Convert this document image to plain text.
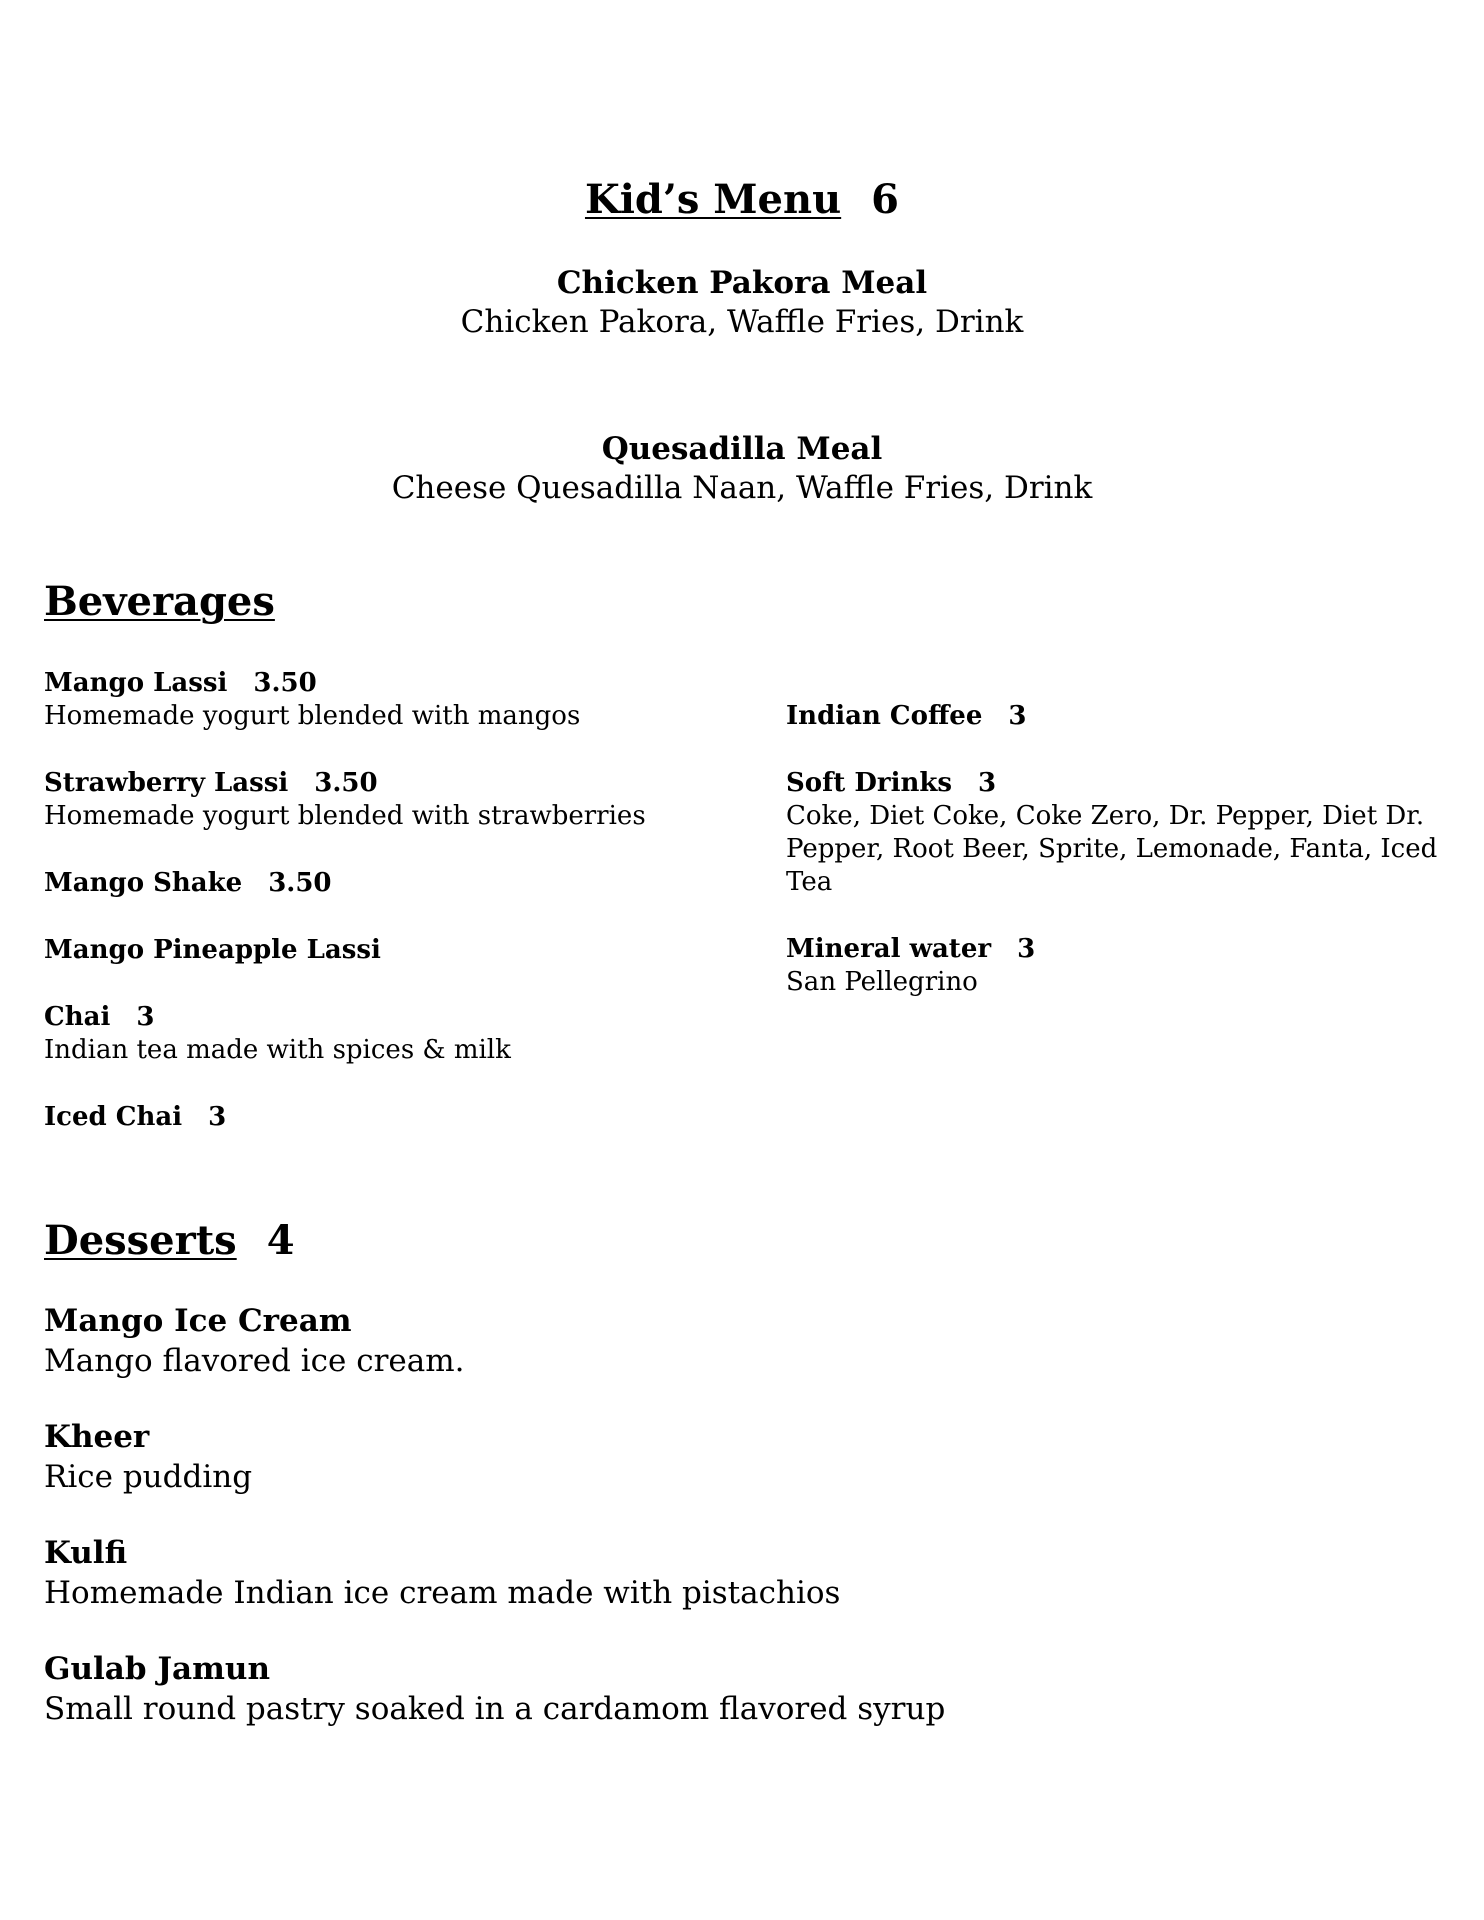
Kid’s Menu 6
Chicken Pakora Meal
Chicken Pakora, Waffle Fries, Drink
Quesadilla Meal
Cheese Quesadilla Naan, Waffle Fries, Drink
Beverages
Mango Lassi 3.50
Homemade yogurt blended with mangos
Strawberry Lassi 3.50
Homemade yogurt blended with strawberries
Mango Shake 3.50
Mango Pineapple Lassi
Chai 3
Indian tea made with spices & milk
Iced Chai 3
Indian Coffee 3
Soft Drinks 3
Coke, Diet Coke, Coke Zero, Dr. Pepper, Diet Dr. Pepper, Root Beer, Sprite, Lemonade, Fanta, Iced Tea
Mineral water 3
San Pellegrino
Desserts 4
Mango Ice Cream
Mango flavored ice cream.
Kheer
Rice pudding
Kulfi
Homemade Indian ice cream made with pistachios
Gulab Jamun
Small round pastry soaked in a cardamom flavored syrup
